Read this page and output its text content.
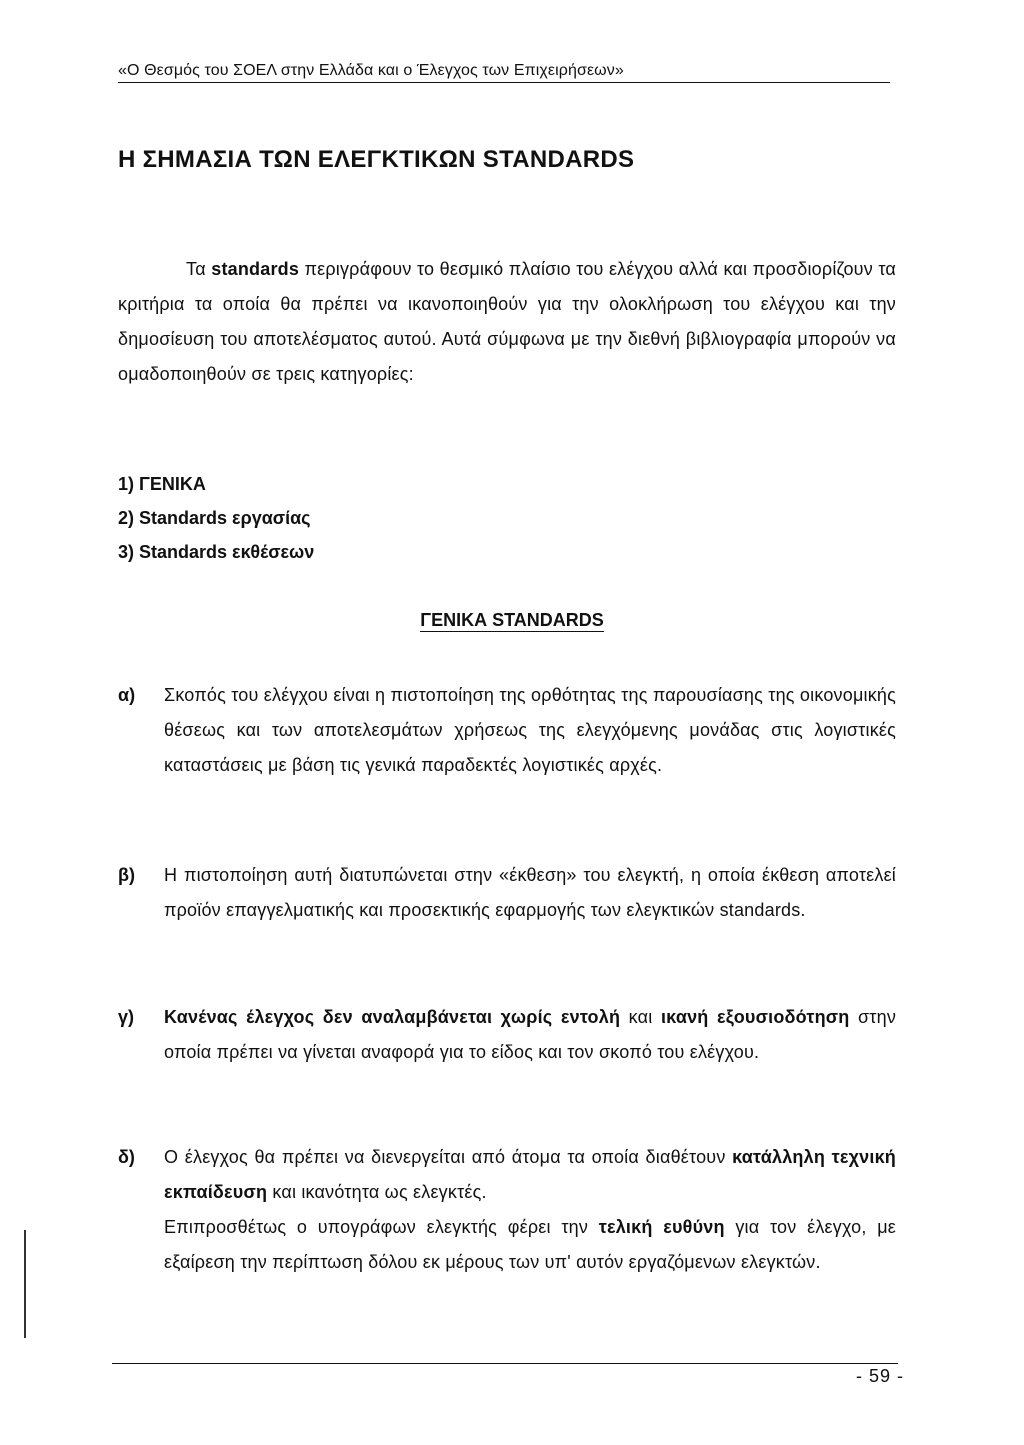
«Ο Θεσμός του ΣΟΕΛ στην Ελλάδα και ο Έλεγχος των Επιχειρήσεων»
Η ΣΗΜΑΣΙΑ ΤΩΝ ΕΛΕΓΚΤΙΚΩΝ STANDARDS
Τα standards περιγράφουν το θεσμικό πλαίσιο του ελέγχου αλλά και προσδιορίζουν τα κριτήρια τα οποία θα πρέπει να ικανοποιηθούν για την ολοκλήρωση του ελέγχου και την δημοσίευση του αποτελέσματος αυτού. Αυτά σύμφωνα με την διεθνή βιβλιογραφία μπορούν να ομαδοποιηθούν σε τρεις κατηγορίες:
1) ΓΕΝΙΚΑ
2) Standards εργασίας
3) Standards εκθέσεων
ΓΕΝΙΚΑ STANDARDS
α) Σκοπός του ελέγχου είναι η πιστοποίηση της ορθότητας της παρουσίασης της οικονομικής θέσεως και των αποτελεσμάτων χρήσεως της ελεγχόμενης μονάδας στις λογιστικές καταστάσεις με βάση τις γενικά παραδεκτές λογιστικές αρχές.
β) Η πιστοποίηση αυτή διατυπώνεται στην «έκθεση» του ελεγκτή, η οποία έκθεση αποτελεί προϊόν επαγγελματικής και προσεκτικής εφαρμογής των ελεγκτικών standards.
γ) Κανένας έλεγχος δεν αναλαμβάνεται χωρίς εντολή και ικανή εξουσιοδότηση στην οποία πρέπει να γίνεται αναφορά για το είδος και τον σκοπό του ελέγχου.
δ) Ο έλεγχος θα πρέπει να διενεργείται από άτομα τα οποία διαθέτουν κατάλληλη τεχνική εκπαίδευση και ικανότητα ως ελεγκτές.

Επιπροσθέτως ο υπογράφων ελεγκτής φέρει την τελική ευθύνη για τον έλεγχο, με εξαίρεση την περίπτωση δόλου εκ μέρους των υπ' αυτόν εργαζόμενων ελεγκτών.

- 59 -
